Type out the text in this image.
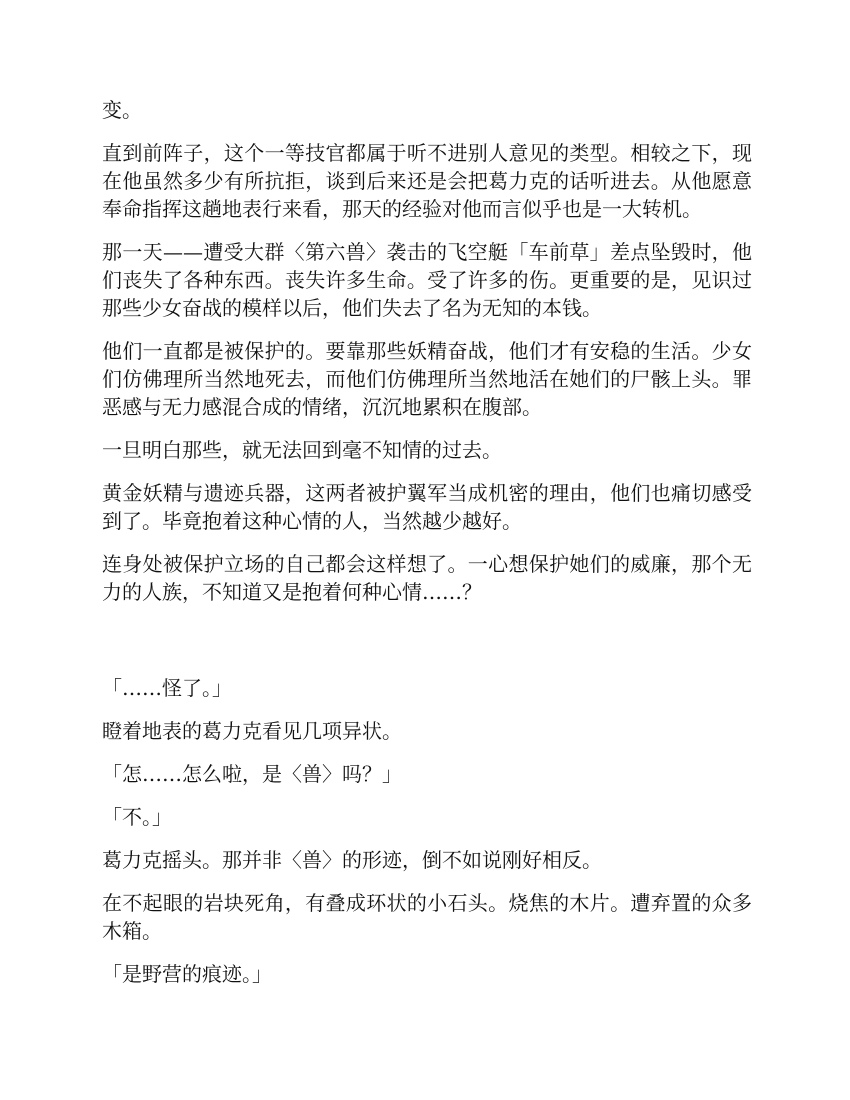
变。

直到前阵子，这个一等技官都属于听不进别人意见的类型。相较之下，现在他虽然多少有所抗拒，谈到后来还是会把葛力克的话听进去。从他愿意奉命指挥这趟地表行来看，那天的经验对他而言似乎也是一大转机。

那一天——遭受大群〈第六兽〉袭击的飞空艇「车前草」差点坠毁时，他们丧失了各种东西。丧失许多生命。受了许多的伤。更重要的是，见识过那些少女奋战的模样以后，他们失去了名为无知的本钱。

他们一直都是被保护的。要靠那些妖精奋战，他们才有安稳的生活。少女们仿佛理所当然地死去，而他们仿佛理所当然地活在她们的尸骸上头。罪恶感与无力感混合成的情绪，沉沉地累积在腹部。

一旦明白那些，就无法回到毫不知情的过去。

黄金妖精与遗迹兵器，这两者被护翼军当成机密的理由，他们也痛切感受到了。毕竟抱着这种心情的人，当然越少越好。

连身处被保护立场的自己都会这样想了。一心想保护她们的威廉，那个无力的人族，不知道又是抱着何种心情……？

「……怪了。」

瞪着地表的葛力克看见几项异状。

「怎……怎么啦，是〈兽〉吗？」

「不。」

葛力克摇头。那并非〈兽〉的形迹，倒不如说刚好相反。

在不起眼的岩块死角，有叠成环状的小石头。烧焦的木片。遭弃置的众多木箱。

「是野营的痕迹。」
